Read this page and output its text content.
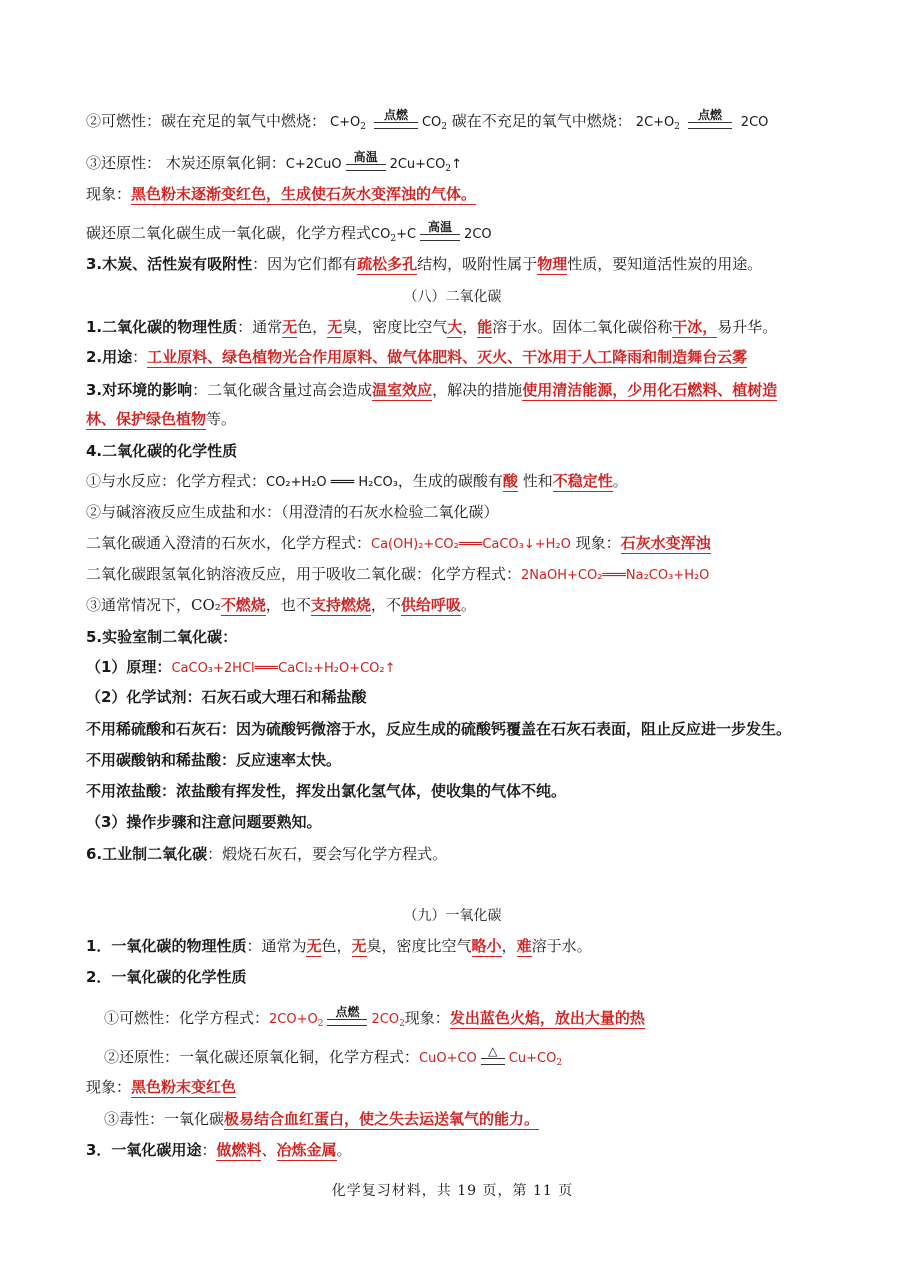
②可燃性：碳在充足的氧气中燃烧： $C+O_2$
点燃	$CO_2$ 碳在不充足的氧气中燃烧： $2C+O_2$
点燃	2CO
③还原性： 木炭还原氧化铜：C+2CuO 高温 $2Cu+CO_2↑$
现象：黑色粉末逐渐变红色，生成使石灰水变浑浊的气体。
碳还原二氧化碳生成一氧化碳，化学方程式$CO_2+C$ 高温 2CO
3.木炭、活性炭有吸附性：因为它们都有疏松多孔结构，吸附性属于物理性质，要知道活性炭的用途。
（八）二氧化碳
1.二氧化碳的物理性质：通常无色，无臭，密度比空气大，能溶于水。固体二氧化碳俗称干冰，易升华。
2.用途：工业原料、绿色植物光合作用原料、做气体肥料、灭火、干冰用于人工降雨和制造舞台云雾
3.对环境的影响：二氧化碳含量过高会造成温室效应，解决的措施使用清洁能源，少用化石燃料、植树造
林、保护绿色植物等。
4.二氧化碳的化学性质
①与水反应：化学方程式：CO₂+H₂O ═══ H₂CO₃，生成的碳酸有酸 性和不稳定性。
②与碱溶液反应生成盐和水：（用澄清的石灰水检验二氧化碳）
二氧化碳通入澄清的石灰水，化学方程式：Ca(OH)₂+CO₂═══CaCO₃↓+H₂O 现象：石灰水变浑浊
二氧化碳跟氢氧化钠溶液反应，用于吸收二氧化碳：化学方程式：2NaOH+CO₂═══Na₂CO₃+H₂O
③通常情况下，CO₂不燃烧，也不支持燃烧，不供给呼吸。
5.实验室制二氧化碳：
（1）原理：CaCO₃+2HCl═══CaCl₂+H₂O+CO₂↑
（2）化学试剂：石灰石或大理石和稀盐酸
不用稀硫酸和石灰石：因为硫酸钙微溶于水，反应生成的硫酸钙覆盖在石灰石表面，阻止反应进一步发生。
不用碳酸钠和稀盐酸：反应速率太快。
不用浓盐酸：浓盐酸有挥发性，挥发出氯化氢气体，使收集的气体不纯。
（3）操作步骤和注意问题要熟知。
6.工业制二氧化碳：煅烧石灰石，要会写化学方程式。
（九）一氧化碳
1．一氧化碳的物理性质：通常为无色，无臭，密度比空气略小，难溶于水。
2．一氧化碳的化学性质
①可燃性：化学方程式：$2CO+O_2$
点燃 $2CO_2$现象：发出蓝色火焰，放出大量的热
②还原性：一氧化碳还原氧化铜，化学方程式：CuO+CO △ $Cu+CO_2$
现象：黑色粉末变红色
③毒性：一氧化碳极易结合血红蛋白，使之失去运送氧气的能力。
3．一氧化碳用途：做燃料、冶炼金属。
化学复习材料，共 19 页，第 11 页
